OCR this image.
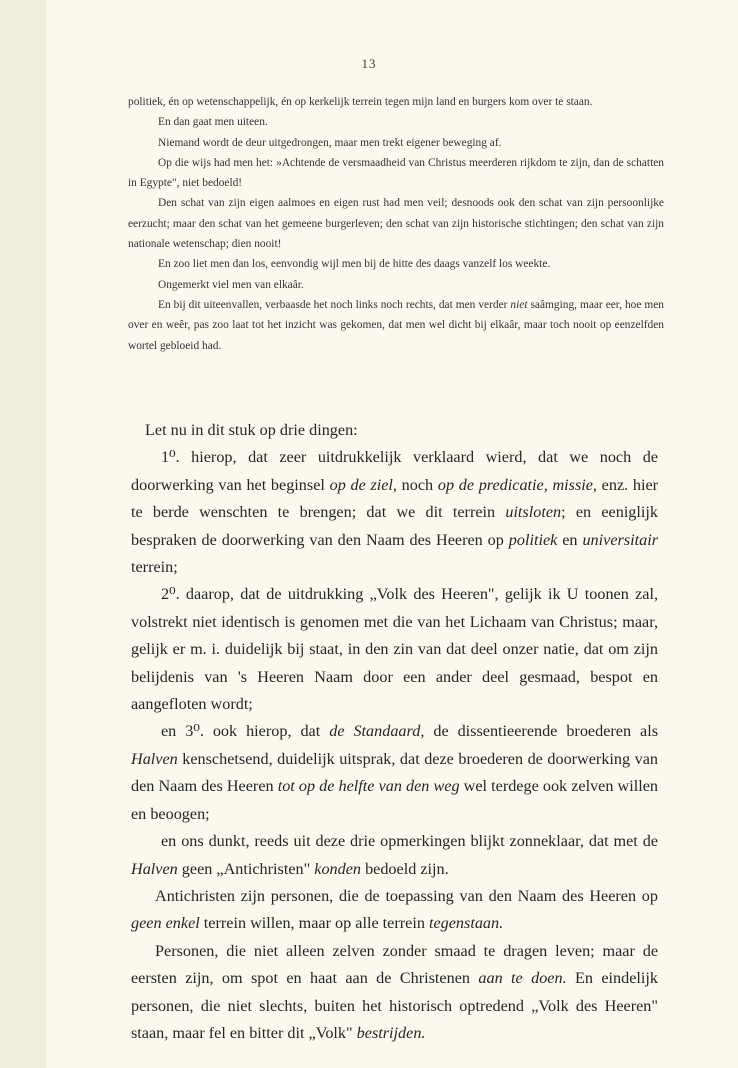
13

politiek, én op wetenschappelijk, én op kerkelijk terrein tegen mijn land en burgers kom over te staan.

En dan gaat men uiteen.

Niemand wordt de deur uitgedrongen, maar men trekt eigener beweging af.

Op die wijs had men het: »Achtende de versmaadheid van Christus meerderen rijkdom te zijn, dan de schatten in Egypte", niet bedoeld!

Den schat van zijn eigen aalmoes en eigen rust had men veil; desnoods ook den schat van zijn persoonlijke eerzucht; maar den schat van het gemeene burgerleven; den schat van zijn historische stichtingen; den schat van zijn nationale wetenschap; dien nooit!

En zoo liet men dan los, eenvondig wijl men bij de hitte des daags vanzelf los weekte.

Ongemerkt viel men van elkaâr.

En bij dit uiteenvallen, verbaasde het noch links noch rechts, dat men verder niet saâmging, maar eer, hoe men over en weêr, pas zoo laat tot het inzicht was gekomen, dat men wel dicht bij elkaâr, maar toch nooit op eenzelfden wortel gebloeid had.

Let nu in dit stuk op drie dingen:

1⁰. hierop, dat zeer uitdrukkelijk verklaard wierd, dat we noch de doorwerking van het beginsel op de ziel, noch op de predicatie, missie, enz. hier te berde wenschten te brengen; dat we dit terrein uitsloten; en eeniglijk bespraken de doorwerking van den Naam des Heeren op politiek en universitair terrein;

2⁰. daarop, dat de uitdrukking „Volk des Heeren", gelijk ik U toonen zal, volstrekt niet identisch is genomen met die van het Lichaam van Christus; maar, gelijk er m. i. duidelijk bij staat, in den zin van dat deel onzer natie, dat om zijn belijdenis van 's Heeren Naam door een ander deel gesmaad, bespot en aangefloten wordt;

en 3⁰. ook hierop, dat de Standaard, de dissentieerende broederen als Halven kenschetsend, duidelijk uitsprak, dat deze broederen de doorwerking van den Naam des Heeren tot op de helfte van den weg wel terdege ook zelven willen en beoogen;

en ons dunkt, reeds uit deze drie opmerkingen blijkt zonneklaar, dat met de Halven geen „Antichristen" konden bedoeld zijn.

Antichristen zijn personen, die de toepassing van den Naam des Heeren op geen enkel terrein willen, maar op alle terrein tegenstaan.

Personen, die niet alleen zelven zonder smaad te dragen leven; maar de eersten zijn, om spot en haat aan de Christenen aan te doen. En eindelijk personen, die niet slechts, buiten het historisch optredend „Volk des Heeren" staan, maar fel en bitter dit „Volk" bestrijden.
